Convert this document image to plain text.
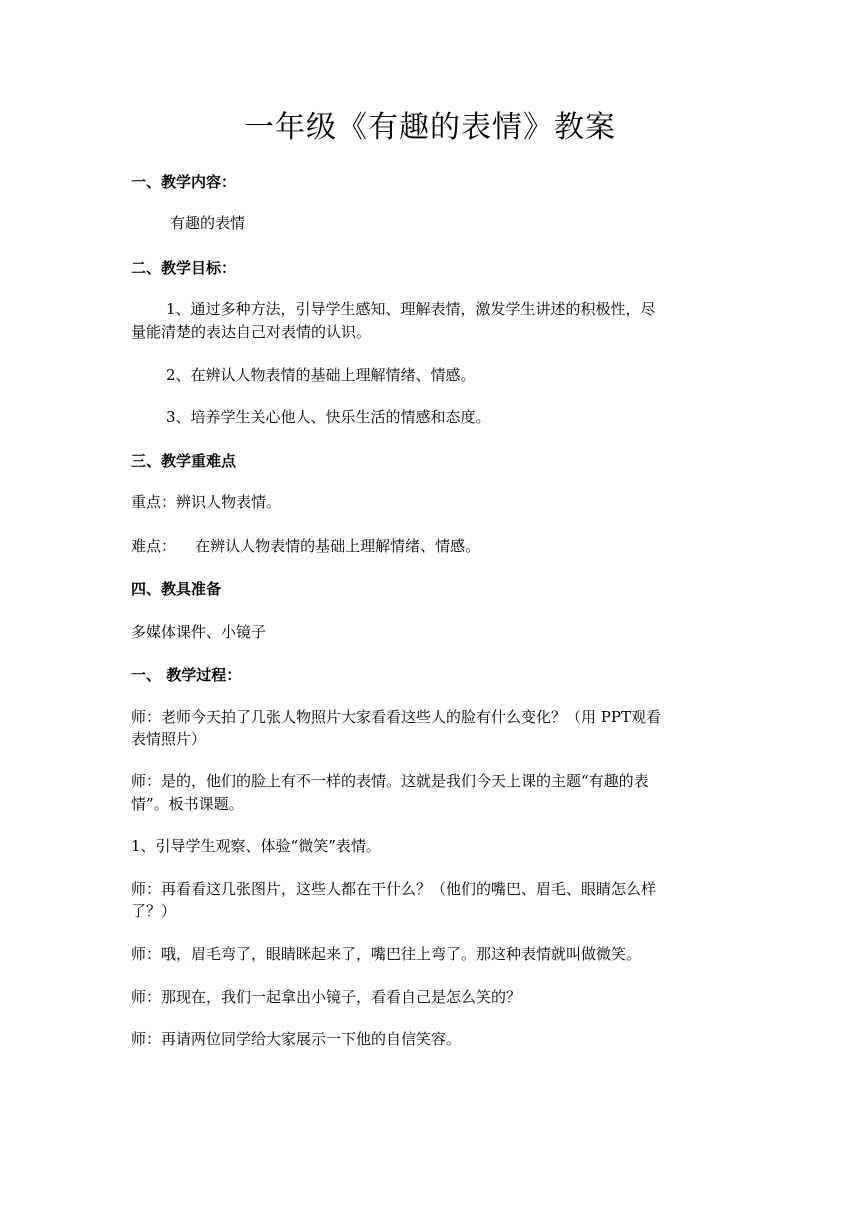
一年级《有趣的表情》教案
一、教学内容：
有趣的表情
二、教学目标：
1、通过多种方法，引导学生感知、理解表情，激发学生讲述的积极性，尽
量能清楚的表达自己对表情的认识。
2、在辨认人物表情的基础上理解情绪、情感。
3、培养学生关心他人、快乐生活的情感和态度。
三、教学重难点
重点：辨识人物表情。
难点：    在辨认人物表情的基础上理解情绪、情感。
四、教具准备
多媒体课件、小镜子
一、 教学过程：
师：老师今天拍了几张人物照片大家看看这些人的脸有什么变化？（用 PPT观看
表情照片）
师：是的，他们的脸上有不一样的表情。这就是我们今天上课的主题“有趣的表
情”。板书课题。
1、引导学生观察、体验“微笑”表情。
师：再看看这几张图片，这些人都在干什么？（他们的嘴巴、眉毛、眼睛怎么样
了？）
师：哦，眉毛弯了，眼睛眯起来了，嘴巴往上弯了。那这种表情就叫做微笑。
师：那现在，我们一起拿出小镜子，看看自己是怎么笑的？
师：再请两位同学给大家展示一下他的自信笑容。
